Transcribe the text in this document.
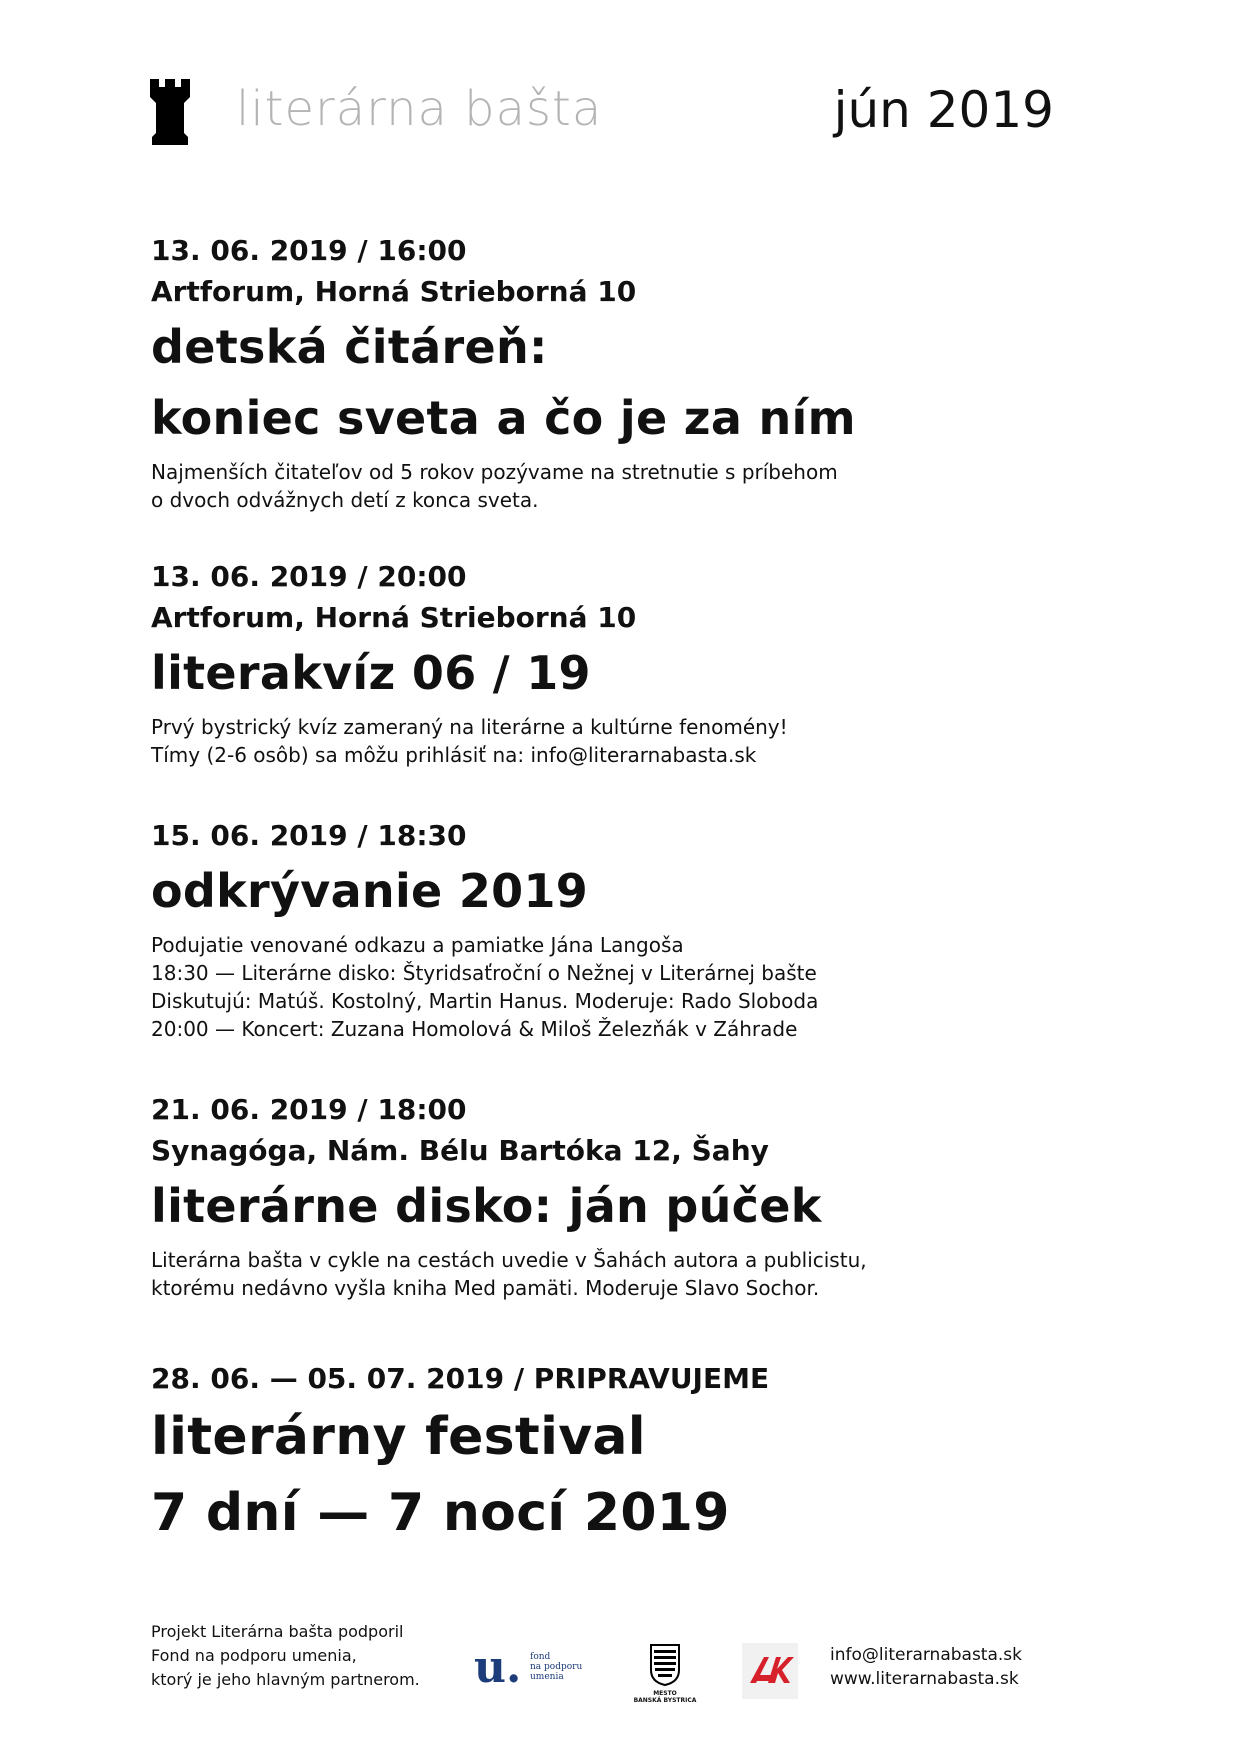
literárna bašta	jún 2019
13. 06. 2019 / 16:00
Artforum, Horná Strieborná 10
detská čitáreň:
koniec sveta a čo je za ním
Najmenších čitateľov od 5 rokov pozývame na stretnutie s príbehom
o dvoch odvážnych detí z konca sveta.
13. 06. 2019 / 20:00
Artforum, Horná Strieborná 10
literakvíz 06 / 19
Prvý bystrický kvíz zameraný na literárne a kultúrne fenomény!
Tímy (2-6 osôb) sa môžu prihlásiť na: info@literarnabasta.sk
15. 06. 2019 / 18:30
odkrývanie 2019
Podujatie venované odkazu a pamiatke Jána Langoša
18:30 — Literárne disko: Štyridsaťroční o Nežnej v Literárnej bašte
Diskutujú: Matúš. Kostolný, Martin Hanus. Moderuje: Rado Sloboda
20:00 — Koncert: Zuzana Homolová & Miloš Železňák v Záhrade
21. 06. 2019 / 18:00
Synagóga, Nám. Bélu Bartóka 12, Šahy
literárne disko: ján púček
Literárna bašta v cykle na cestách uvedie v Šahách autora a publicistu,
ktorému nedávno vyšla kniha Med pamäti. Moderuje Slavo Sochor.
28. 06. — 05. 07. 2019 / PRIPRAVUJEME
literárny festival
7 dní — 7 nocí 2019
Projekt Literárna bašta podporil
Fond na podporu umenia,
ktorý je jeho hlavným partnerom. u. fond
na podporu
umenia
MESTO
BANSKÁ BYSTRICA
info@literarnabasta.sk
www.literarnabasta.sk
